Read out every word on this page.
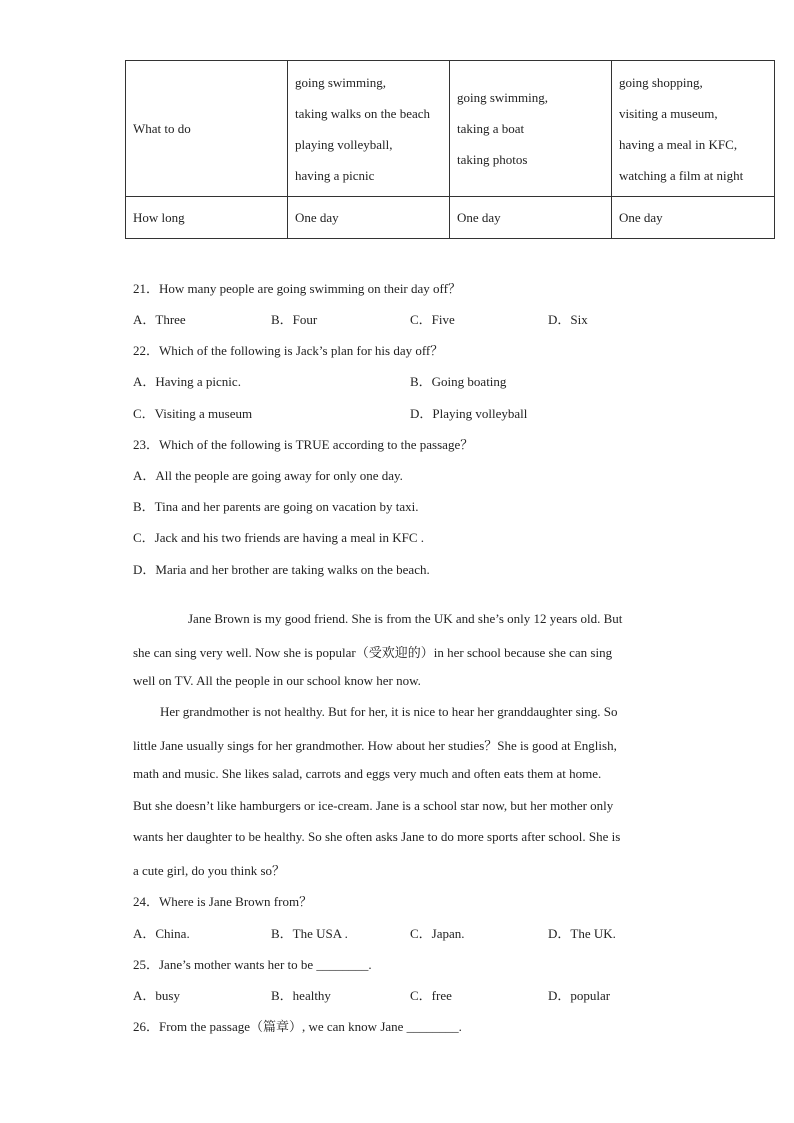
What to do	going swimming,
taking walks on the beach
playing volleyball,
having a picnic	going swimming,
taking a boat
taking photos	going shopping,
visiting a museum,
having a meal in KFC,
watching a film at night

How long	One day	One day	One day
21．How many people are going swimming on their day off？
A．Three	B．Four	C．Five	D．Six
22．Which of the following is Jack’s plan for his day off？
A．Having a picnic.	B．Going boating
C．Visiting a museum	D．Playing volleyball
23．Which of the following is TRUE according to the passage？
A．All the people are going away for only one day.
B．Tina and her parents are going on vacation by taxi.
C．Jack and his two friends are having a meal in KFC .
D．Maria and her brother are taking walks on the beach.
Jane Brown is my good friend. She is from the UK and she’s only 12 years old. But
she can sing very well. Now she is popular（受欢迎的）in her school because she can sing
well on TV. All the people in our school know her now.
Her grandmother is not healthy. But for her, it is nice to hear her granddaughter sing. So
little Jane usually sings for her grandmother. How about her studies？She is good at English,
math and music. She likes salad, carrots and eggs very much and often eats them at home.
But she doesn’t like hamburgers or ice-cream. Jane is a school star now, but her mother only
wants her daughter to be healthy. So she often asks Jane to do more sports after school. She is
a cute girl, do you think so？
24．Where is Jane Brown from？
A．China.	B．The USA .	C．Japan.	D．The UK.
25．Jane’s mother wants her to be ________.
A．busy	B．healthy	C．free	D．popular
26．From the passage（篇章）, we can know Jane ________.
